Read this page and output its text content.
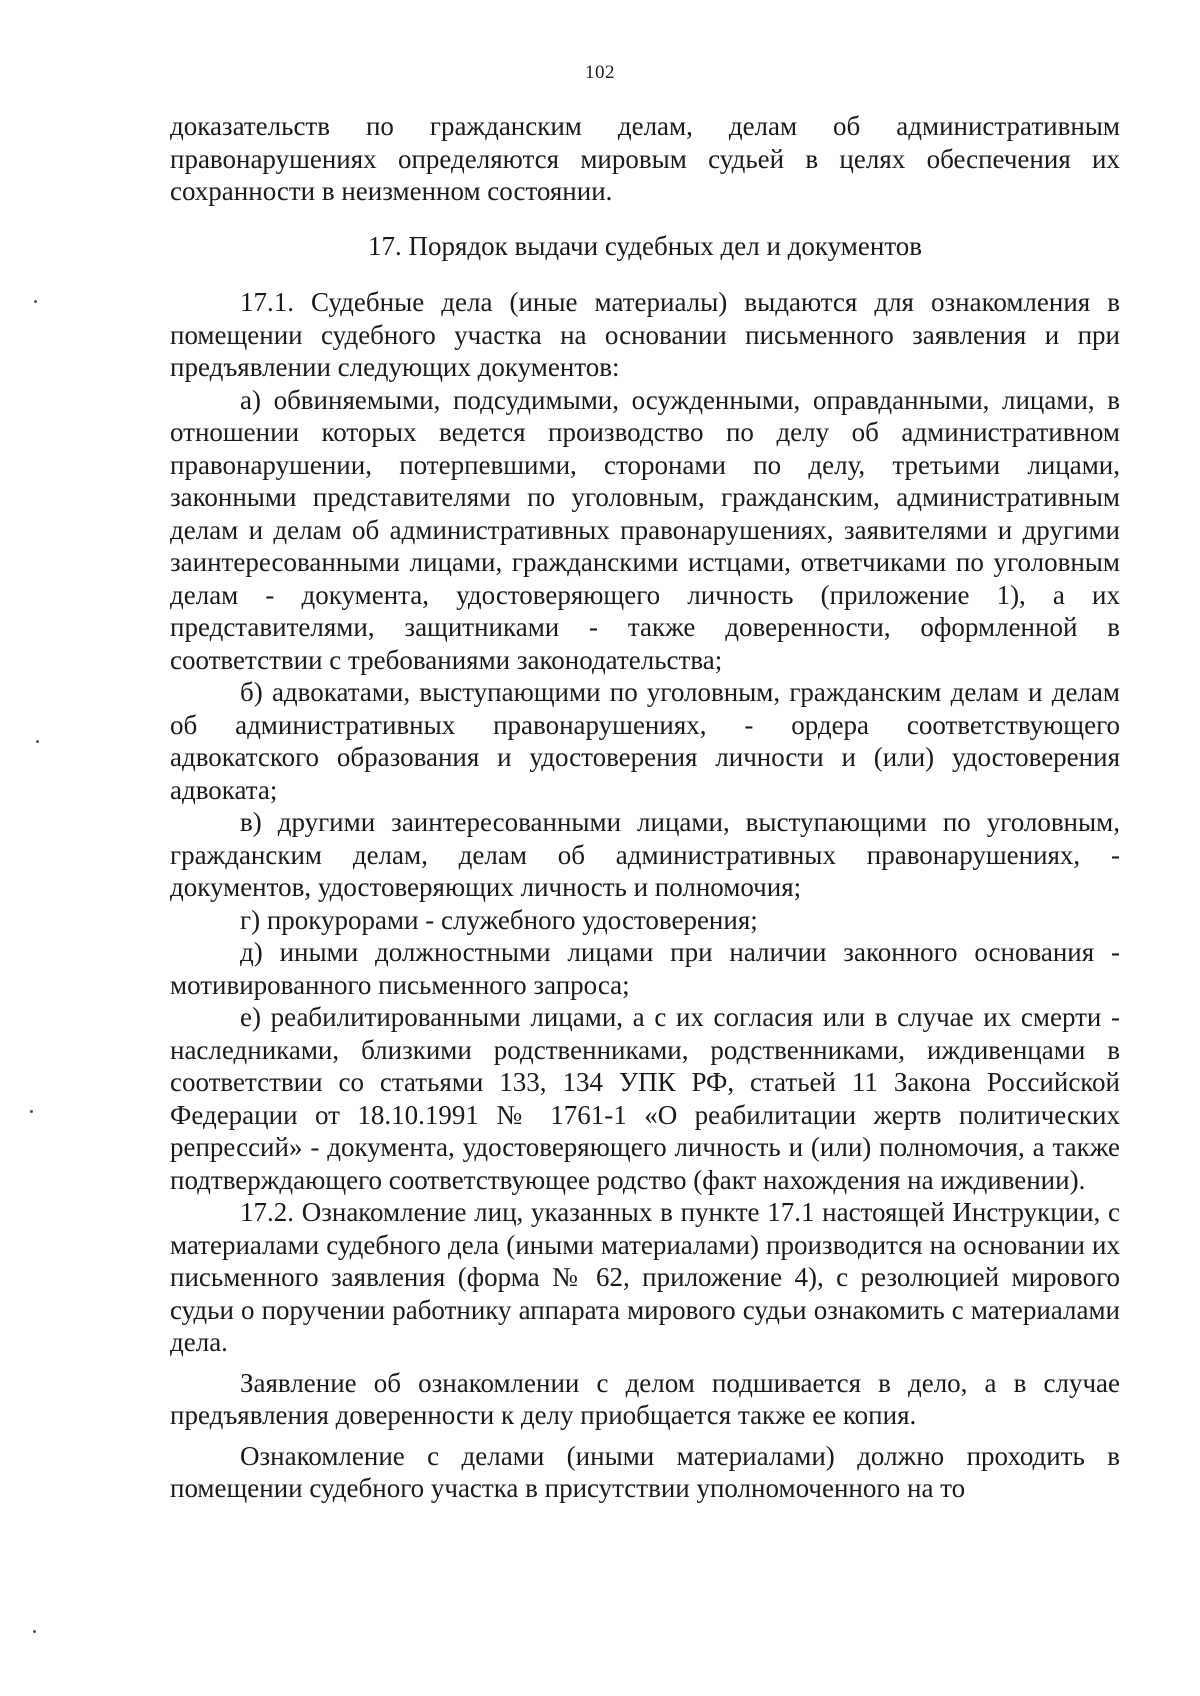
102

доказательств по гражданским делам, делам об административным правонарушениях определяются мировым судьей в целях обеспечения их сохранности в неизменном состоянии.

17. Порядок выдачи судебных дел и документов

17.1. Судебные дела (иные материалы) выдаются для ознакомления в помещении судебного участка на основании письменного заявления и при предъявлении следующих документов:

а) обвиняемыми, подсудимыми, осужденными, оправданными, лицами, в отношении которых ведется производство по делу об административном правонарушении, потерпевшими, сторонами по делу, третьими лицами, законными представителями по уголовным, гражданским, административным делам и делам об административных правонарушениях, заявителями и другими заинтересованными лицами, гражданскими истцами, ответчиками по уголовным делам - документа, удостоверяющего личность (приложение 1), а их представителями, защитниками - также доверенности, оформленной в соответствии с требованиями законодательства;

б) адвокатами, выступающими по уголовным, гражданским делам и делам об административных правонарушениях, - ордера соответствующего адвокатского образования и удостоверения личности и (или) удостоверения адвоката;

в) другими заинтересованными лицами, выступающими по уголовным, гражданским делам, делам об административных правонарушениях, - документов, удостоверяющих личность и полномочия;

г) прокурорами - служебного удостоверения;

д) иными должностными лицами при наличии законного основания - мотивированного письменного запроса;

е) реабилитированными лицами, а с их согласия или в случае их смерти - наследниками, близкими родственниками, родственниками, иждивенцами в соответствии со статьями 133, 134 УПК РФ, статьей 11 Закона Российской Федерации от 18.10.1991 № 1761-1 «О реабилитации жертв политических репрессий» - документа, удостоверяющего личность и (или) полномочия, а также подтверждающего соответствующее родство (факт нахождения на иждивении).

17.2. Ознакомление лиц, указанных в пункте 17.1 настоящей Инструкции, с материалами судебного дела (иными материалами) производится на основании их письменного заявления (форма № 62, приложение 4), с резолюцией мирового судьи о поручении работнику аппарата мирового судьи ознакомить с материалами дела.

Заявление об ознакомлении с делом подшивается в дело, а в случае предъявления доверенности к делу приобщается также ее копия.

Ознакомление с делами (иными материалами) должно проходить в помещении судебного участка в присутствии уполномоченного на то
